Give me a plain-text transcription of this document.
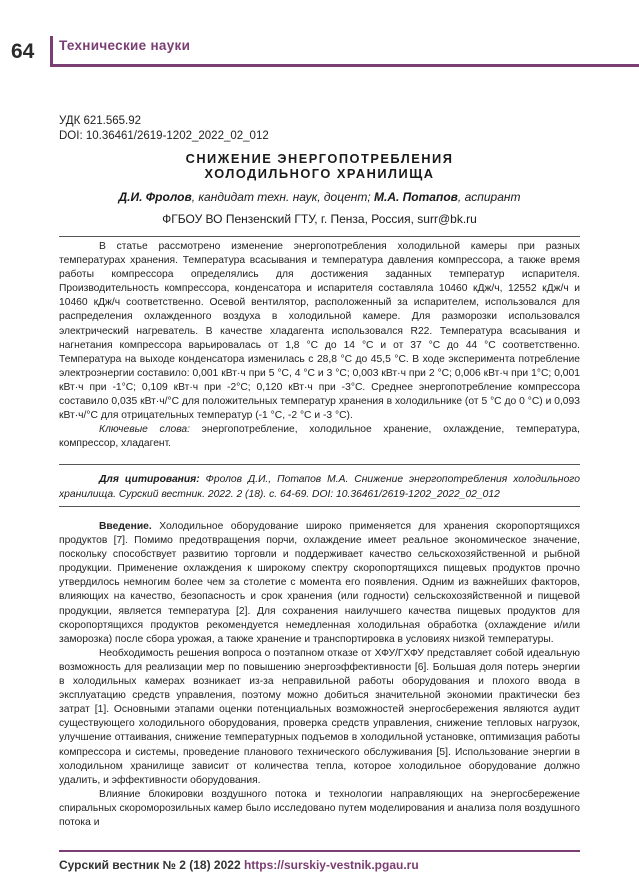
64 Технические науки
УДК 621.565.92
DOI: 10.36461/2619-1202_2022_02_012
СНИЖЕНИЕ ЭНЕРГОПОТРЕБЛЕНИЯ
ХОЛОДИЛЬНОГО ХРАНИЛИЩА
Д.И. Фролов, кандидат техн. наук, доцент; М.А. Потапов, аспирант
ФГБОУ ВО Пензенский ГТУ, г. Пенза, Россия, surr@bk.ru

В статье рассмотрено изменение энергопотребления холодильной камеры при разных температурах хранения. Температура всасывания и температура давления компрессора, а также время работы компрессора определялись для достижения заданных температур испарителя. Производительность компрессора, конденсатора и испарителя составляла 10460 кДж/ч, 12552 кДж/ч и 10460 кДж/ч соответственно. Осевой вентилятор, расположенный за испарителем, использовался для распределения охлажденного воздуха в холодильной камере. Для разморозки использовался электрический нагреватель. В качестве хладагента использовался R22. Температура всасывания и нагнетания компрессора варьировалась от 1,8 °С до 14 °С и от 37 °С до 44 °С соответственно. Температура на выходе конденсатора изменилась с 28,8 °С до 45,5 °С. В ходе эксперимента потребление электроэнергии составило: 0,001 кВт·ч при 5 °С, 4 °С и 3 °С; 0,003 кВт·ч при 2 °С; 0,006 кВт·ч при 1°С; 0,001 кВт·ч при -1°С; 0,109 кВт·ч при -2°С; 0,120 кВт·ч при -3°С. Среднее энергопотребление компрессора составило 0,035 кВт·ч/°С для положительных температур хранения в холодильнике (от 5 °С до 0 °С) и 0,093 кВт·ч/°С для отрицательных температур (-1 °С, -2 °С и -3 °С).

Ключевые слова: энергопотребление, холодильное хранение, охлаждение, температура, компрессор, хладагент.

Для цитирования: Фролов Д.И., Потапов М.А. Снижение энергопотребления холодильного хранилища. Сурский вестник. 2022. 2 (18). с. 64-69. DOI: 10.36461/2619-1202_2022_02_012

Введение. Холодильное оборудование широко применяется для хранения скоропортящихся продуктов [7]. Помимо предотвращения порчи, охлаждение имеет реальное экономическое значение, поскольку способствует развитию торговли и поддерживает качество сельскохозяйственной и рыбной продукции. Применение охлаждения к широкому спектру скоропортящихся пищевых продуктов прочно утвердилось немногим более чем за столетие с момента его появления. Одним из важнейших факторов, влияющих на качество, безопасность и срок хранения (или годности) сельскохозяйственной и пищевой продукции, является температура [2]. Для сохранения наилучшего качества пищевых продуктов для скоропортящихся продуктов рекомендуется немедленная холодильная обработка (охлаждение и/или заморозка) после сбора урожая, а также хранение и транспортировка в условиях низкой температуры.

Необходимость решения вопроса о поэтапном отказе от ХФУ/ГХФУ представляет собой идеальную возможность для реализации мер по повышению энергоэффективности [6]. Большая доля потерь энергии в холодильных камерах возникает из-за неправильной работы оборудования и плохого ввода в эксплуатацию средств управления, поэтому можно добиться значительной экономии практически без затрат [1]. Основными этапами оценки потенциальных возможностей энергосбережения являются аудит существующего холодильного оборудования, проверка средств управления, снижение тепловых нагрузок, улучшение оттаивания, снижение температурных подъемов в холодильной установке, оптимизация работы компрессора и системы, проведение планового технического обслуживания [5]. Использование энергии в холодильном хранилище зависит от количества тепла, которое холодильное оборудование должно удалить, и эффективности оборудования.

Влияние блокировки воздушного потока и технологии направляющих на энергосбережение спиральных скороморозильных камер было исследовано путем моделирования и анализа поля воздушного потока и

Сурский вестник № 2 (18) 2022 https://surskiy-vestnik.pgau.ru
